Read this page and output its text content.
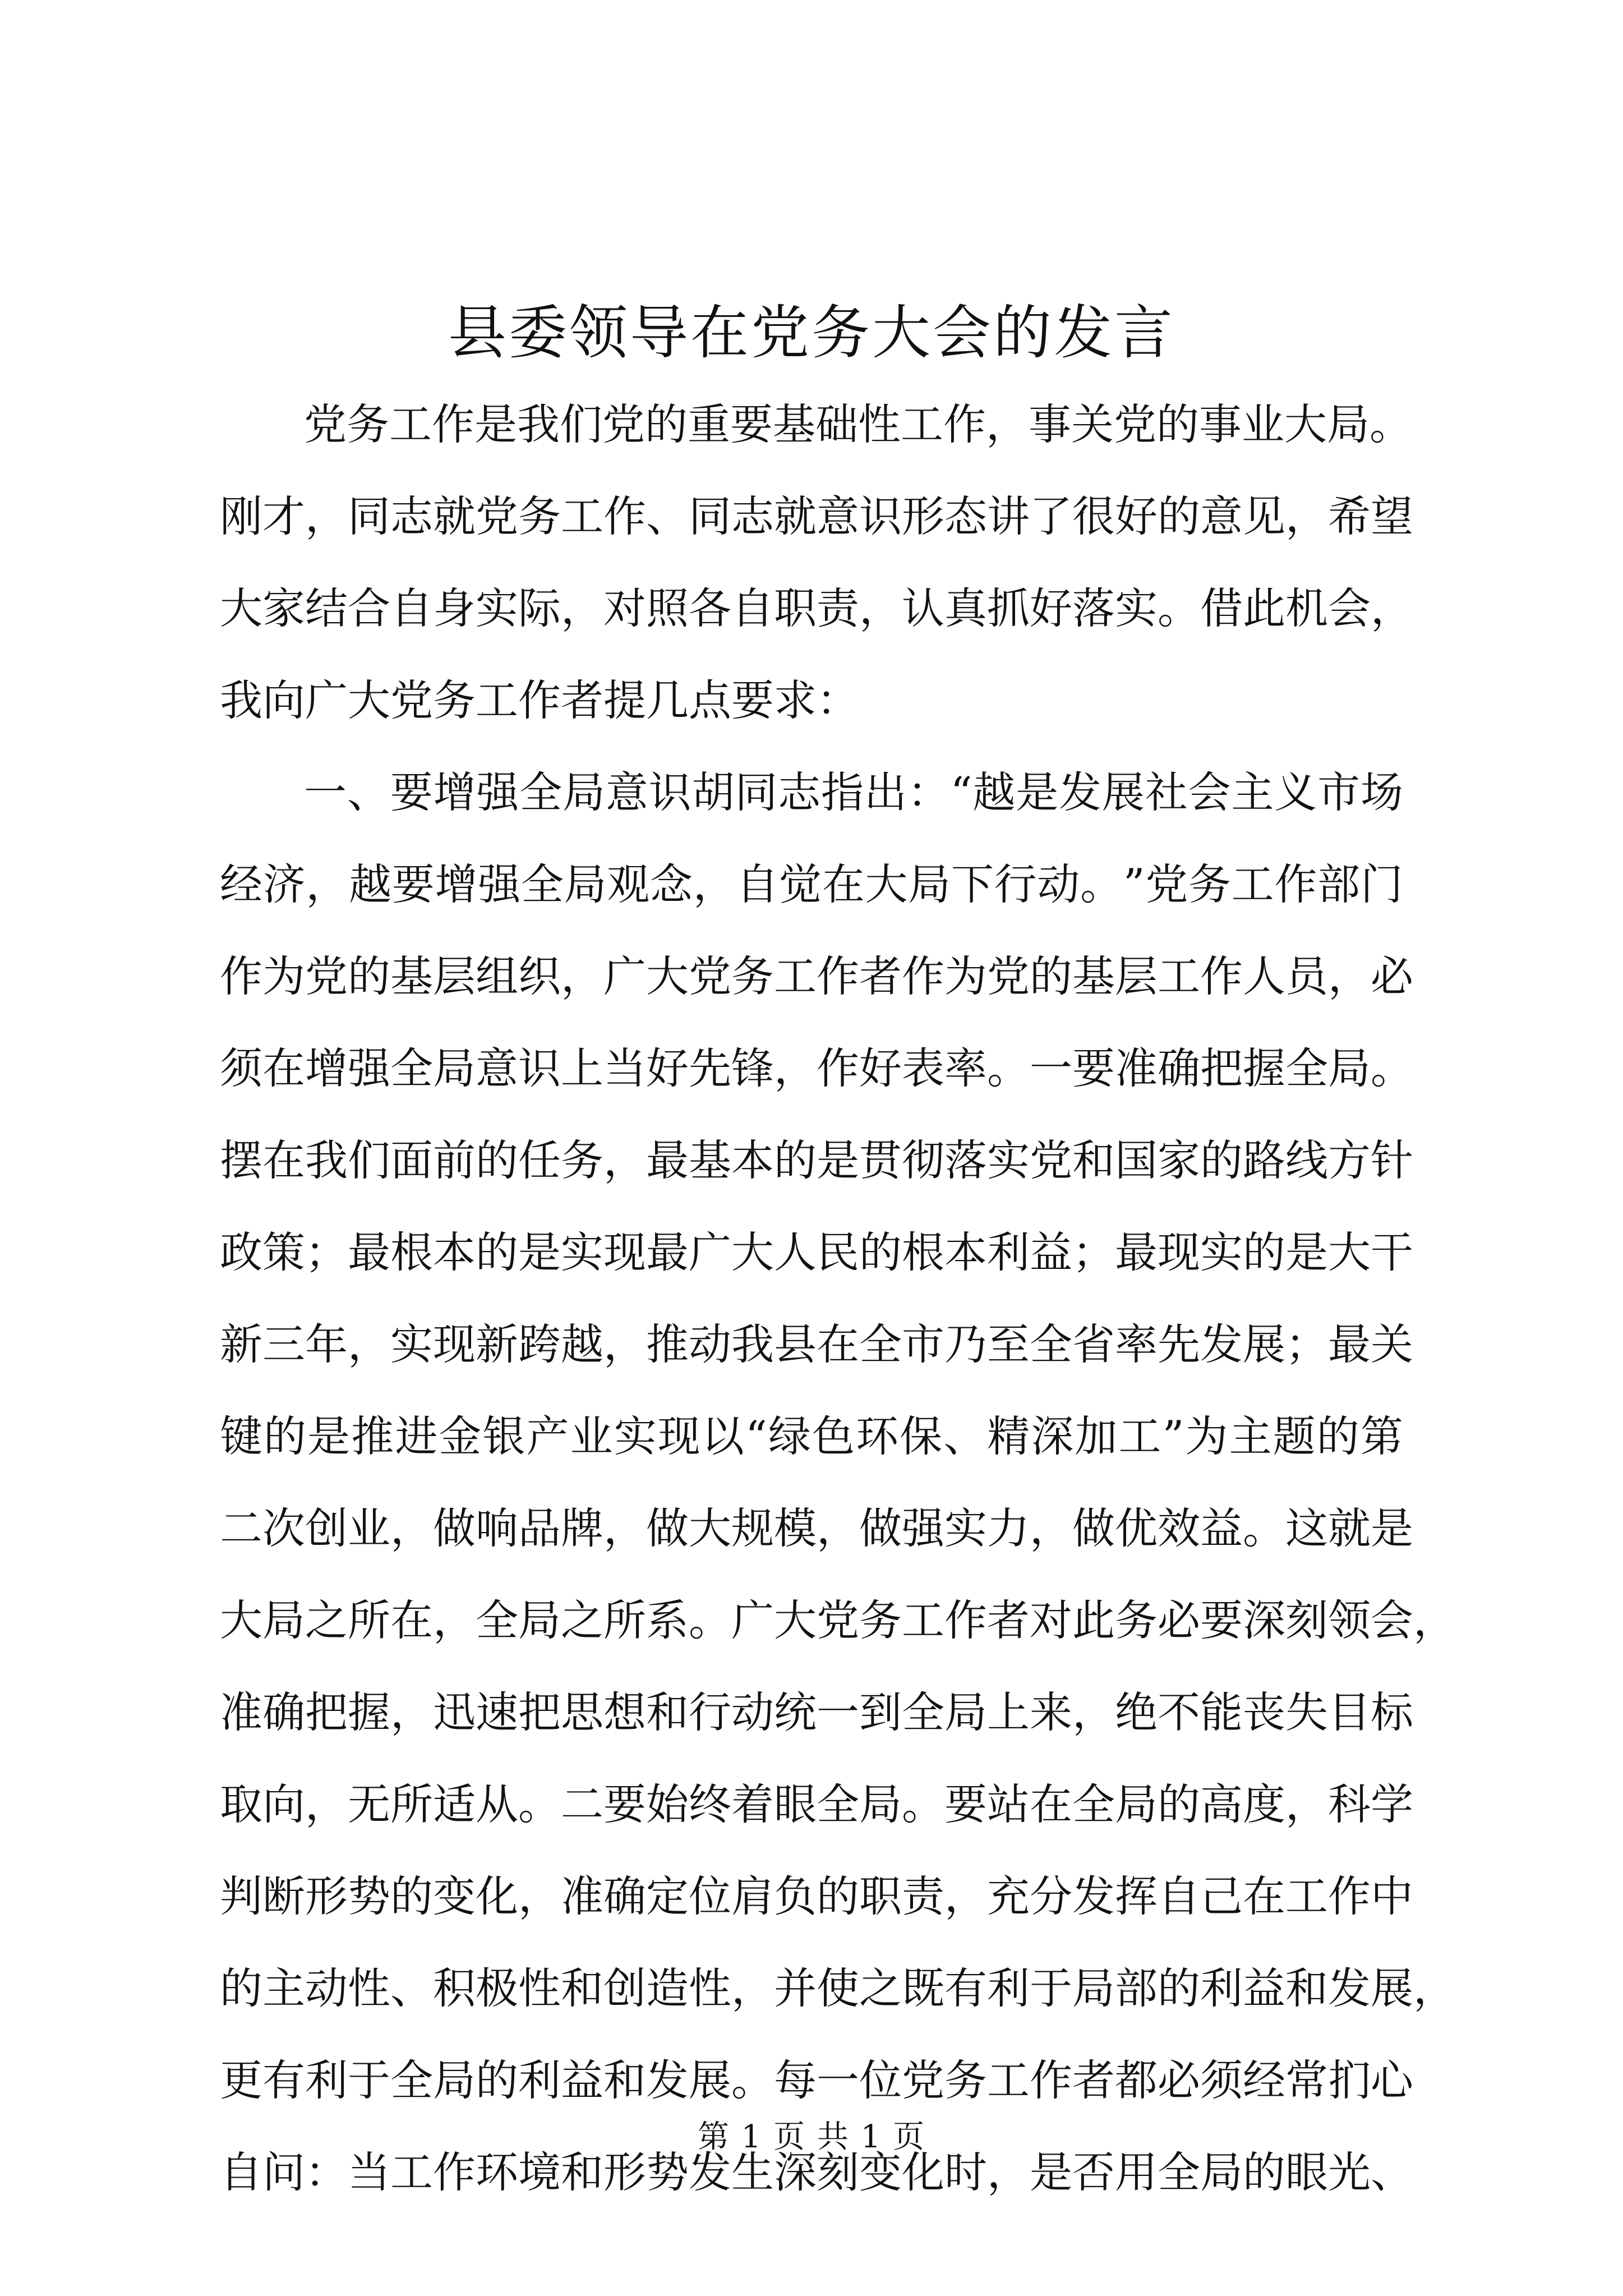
县委领导在党务大会的发言
党 务 工 作 是 我 们 党 的 重 要 基 础 性 工 作 ， 事 关 党 的 事 业 大 局 。
刚 才 ， 同 志 就 党 务 工 作 、 同 志 就 意 识 形 态 讲 了 很 好 的 意 见 ， 希 望
大 家 结 合 自 身 实 际 ， 对 照 各 自 职 责 ， 认 真 抓 好 落 实 。 借 此 机 会 ，
我 向 广 大 党 务 工 作 者 提 几 点 要 求 ：
一 、 要 增 强 全 局 意 识 胡 同 志 指 出 ： “ 越 是 发 展 社 会 主 义 市 场
经 济 ， 越 要 增 强 全 局 观 念 ， 自 觉 在 大 局 下 行 动 。 ” 党 务 工 作 部 门
作 为 党 的 基 层 组 织 ， 广 大 党 务 工 作 者 作 为 党 的 基 层 工 作 人 员 ， 必
须 在 增 强 全 局 意 识 上 当 好 先 锋 ， 作 好 表 率 。 一 要 准 确 把 握 全 局 。
摆 在 我 们 面 前 的 任 务 ， 最 基 本 的 是 贯 彻 落 实 党 和 国 家 的 路 线 方 针
政 策 ； 最 根 本 的 是 实 现 最 广 大 人 民 的 根 本 利 益 ； 最 现 实 的 是 大 干
新 三 年 ， 实 现 新 跨 越 ， 推 动 我 县 在 全 市 乃 至 全 省 率 先 发 展 ； 最 关
键 的 是 推 进 金 银 产 业 实 现 以 “ 绿 色 环 保 、 精 深 加 工 ” 为 主 题 的 第
二 次 创 业 ， 做 响 品 牌 ， 做 大 规 模 ， 做 强 实 力 ， 做 优 效 益 。 这 就 是
大 局 之 所 在 ， 全 局 之 所 系 。 广 大 党 务 工 作 者 对 此 务 必 要 深 刻 领 会 ，
准 确 把 握 ， 迅 速 把 思 想 和 行 动 统 一 到 全 局 上 来 ， 绝 不 能 丧 失 目 标
取 向 ， 无 所 适 从 。 二 要 始 终 着 眼 全 局 。 要 站 在 全 局 的 高 度 ， 科 学
判 断 形 势 的 变 化 ， 准 确 定 位 肩 负 的 职 责 ， 充 分 发 挥 自 己 在 工 作 中
的 主 动 性 、 积 极 性 和 创 造 性 ， 并 使 之 既 有 利 于 局 部 的 利 益 和 发 展 ，
更 有 利 于 全 局 的 利 益 和 发 展 。 每 一 位 党 务 工 作 者 都 必 须 经 常 扪 心
自 问 ： 当 工 作 环 境 和 形 势 发 生 深 刻 变 化 时 ， 是 否 用 全 局 的 眼 光 、
第 1 页 共 1 页
